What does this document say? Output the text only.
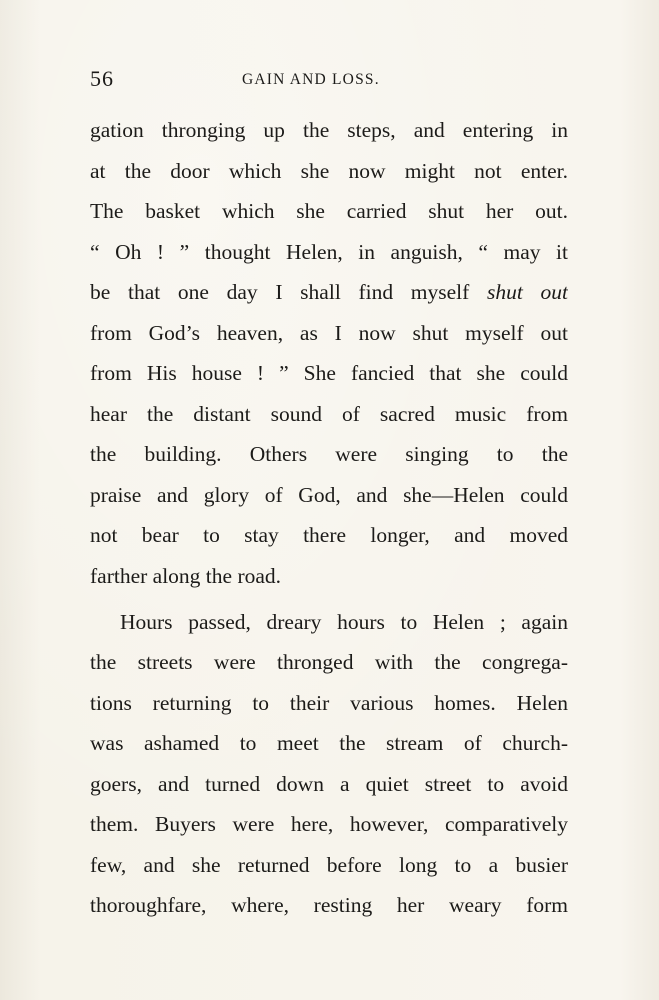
56	GAIN AND LOSS.
gation thronging up the steps, and entering in
at the door which she now might not enter.
The basket which she carried shut her out.
“ Oh ! ” thought Helen, in anguish, “ may it
be that one day I shall find myself shut out
from God’s heaven, as I now shut myself out
from His house ! ” She fancied that she could
hear the distant sound of sacred music from
the building. Others were singing to the
praise and glory of God, and she—Helen could
not bear to stay there longer, and moved
farther along the road.
Hours passed, dreary hours to Helen ; again
the streets were thronged with the congrega-
tions returning to their various homes. Helen
was ashamed to meet the stream of church-
goers, and turned down a quiet street to avoid
them. Buyers were here, however, comparatively
few, and she returned before long to a busier
thoroughfare, where, resting her weary form
